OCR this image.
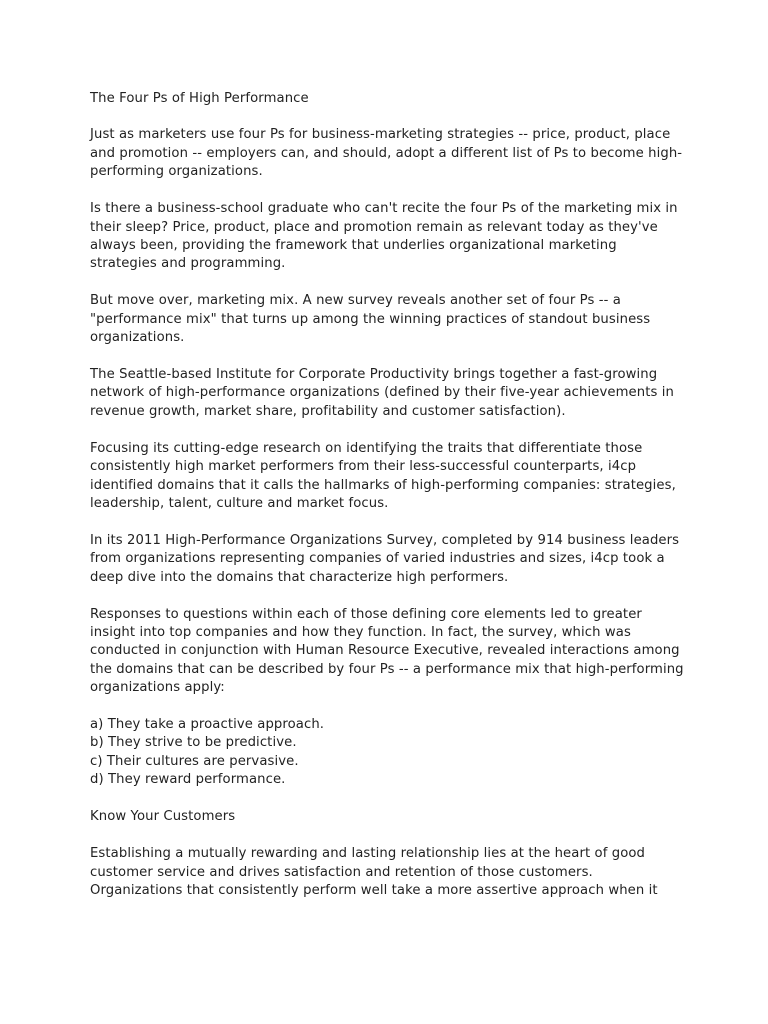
The Four Ps of High Performance

Just as marketers use four Ps for business-marketing strategies -- price, product, place and promotion -- employers can, and should, adopt a different list of Ps to become high-performing organizations.

Is there a business-school graduate who can't recite the four Ps of the marketing mix in their sleep? Price, product, place and promotion remain as relevant today as they've always been, providing the framework that underlies organizational marketing strategies and programming.

But move over, marketing mix. A new survey reveals another set of four Ps -- a "performance mix" that turns up among the winning practices of standout business organizations.

The Seattle-based Institute for Corporate Productivity brings together a fast-growing network of high-performance organizations (defined by their five-year achievements in revenue growth, market share, profitability and customer satisfaction).

Focusing its cutting-edge research on identifying the traits that differentiate those consistently high market performers from their less-successful counterparts, i4cp identified domains that it calls the hallmarks of high-performing companies: strategies, leadership, talent, culture and market focus.

In its 2011 High-Performance Organizations Survey, completed by 914 business leaders from organizations representing companies of varied industries and sizes, i4cp took a deep dive into the domains that characterize high performers.

Responses to questions within each of those defining core elements led to greater insight into top companies and how they function. In fact, the survey, which was conducted in conjunction with Human Resource Executive, revealed interactions among the domains that can be described by four Ps -- a performance mix that high-performing organizations apply:

a) They take a proactive approach.
b) They strive to be predictive.
c) Their cultures are pervasive.
d) They reward performance.
Know Your Customers

Establishing a mutually rewarding and lasting relationship lies at the heart of good customer service and drives satisfaction and retention of those customers. Organizations that consistently perform well take a more assertive approach when it
